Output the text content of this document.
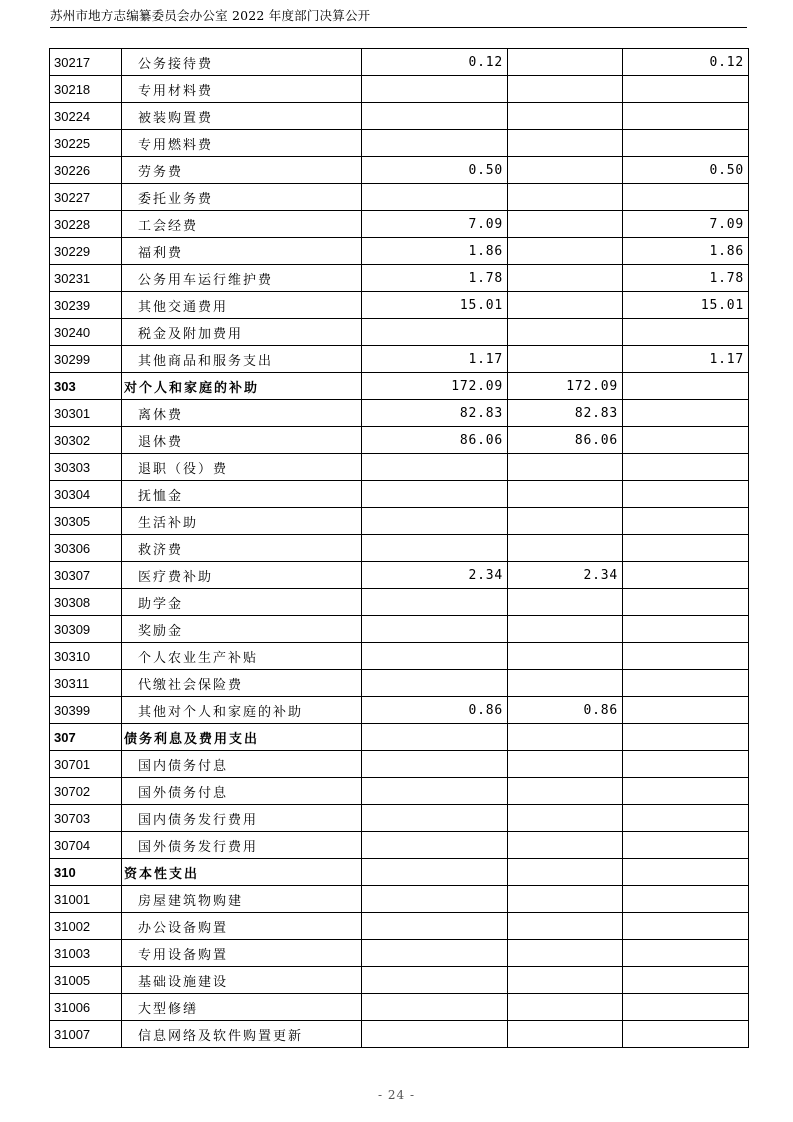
苏州市地方志编纂委员会办公室 2022 年度部门决算公开
30217	公务接待费	0.12		0.12
30218	专用材料费			
30224	被装购置费			
30225	专用燃料费			
30226	劳务费	0.50		0.50
30227	委托业务费			
30228	工会经费	7.09		7.09
30229	福利费	1.86		1.86
30231	公务用车运行维护费	1.78		1.78
30239	其他交通费用	15.01		15.01
30240	税金及附加费用			
30299	其他商品和服务支出	1.17		1.17
303	对个人和家庭的补助	172.09	172.09	
30301	离休费	82.83	82.83	
30302	退休费	86.06	86.06	
30303	退职（役）费			
30304	抚恤金			
30305	生活补助			
30306	救济费			
30307	医疗费补助	2.34	2.34	
30308	助学金			
30309	奖励金			
30310	个人农业生产补贴			
30311	代缴社会保险费			
30399	其他对个人和家庭的补助	0.86	0.86	
307	债务利息及费用支出			
30701	国内债务付息			
30702	国外债务付息			
30703	国内债务发行费用			
30704	国外债务发行费用			
310	资本性支出			
31001	房屋建筑物购建			
31002	办公设备购置			
31003	专用设备购置			
31005	基础设施建设			
31006	大型修缮			
31007	信息网络及软件购置更新			
- 24 -
